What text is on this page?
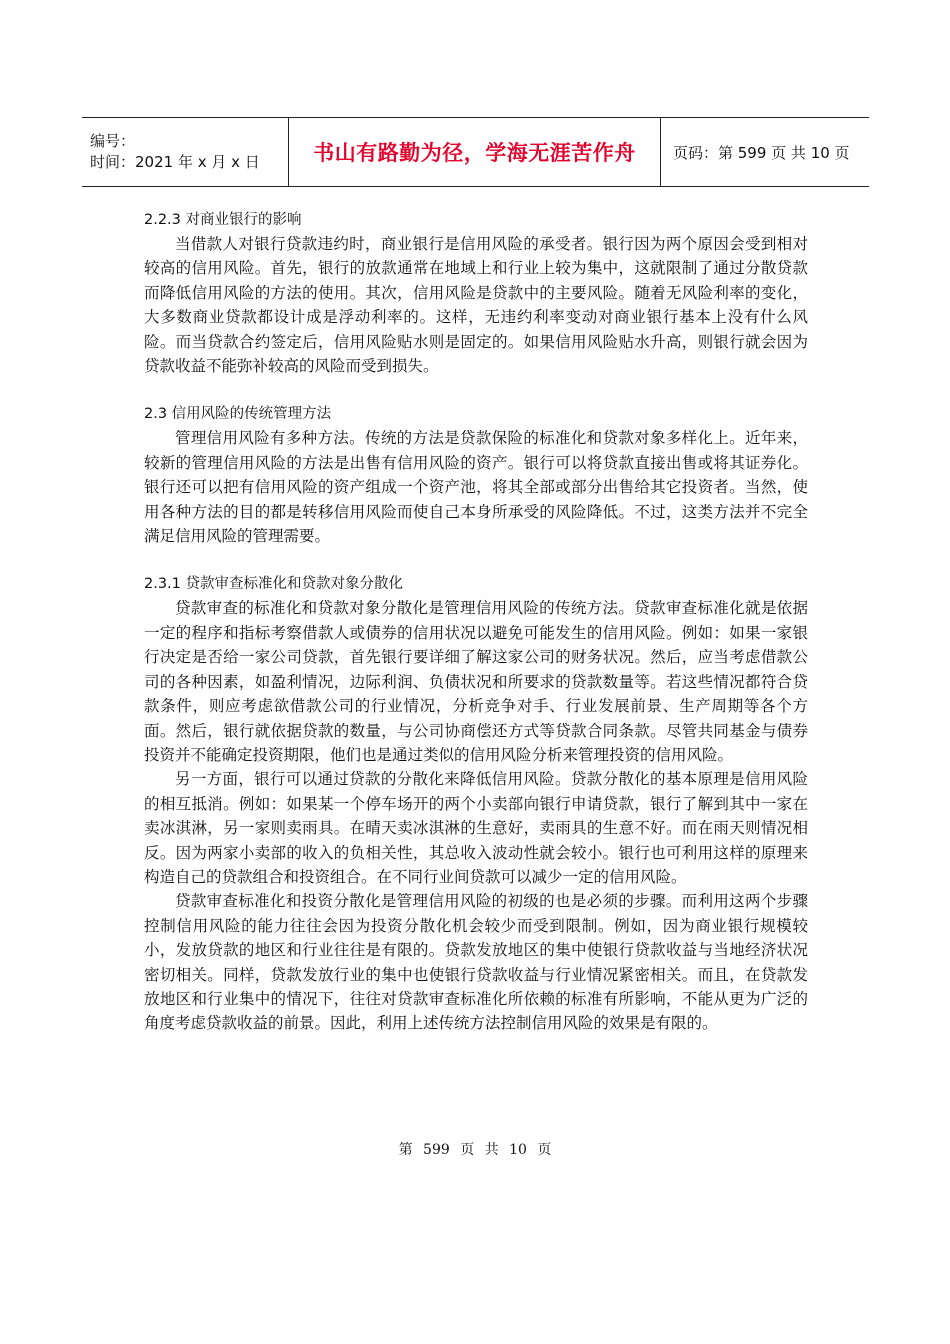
编号：
时间：2021 年 x 月 x 日	书山有路勤为径，学海无涯苦作舟 页码：第 599 页 共 10 页

2.2.3 对商业银行的影响

当借款人对银行贷款违约时，商业银行是信用风险的承受者。银行因为两个原因会受到相对较高的信用风险。首先，银行的放款通常在地域上和行业上较为集中，这就限制了通过分散贷款而降低信用风险的方法的使用。其次，信用风险是贷款中的主要风险。随着无风险利率的变化，大多数商业贷款都设计成是浮动利率的。这样，无违约利率变动对商业银行基本上没有什么风险。而当贷款合约签定后，信用风险贴水则是固定的。如果信用风险贴水升高，则银行就会因为贷款收益不能弥补较高的风险而受到损失。

2.3 信用风险的传统管理方法

管理信用风险有多种方法。传统的方法是贷款保险的标准化和贷款对象多样化上。近年来，较新的管理信用风险的方法是出售有信用风险的资产。银行可以将贷款直接出售或将其证券化。银行还可以把有信用风险的资产组成一个资产池，将其全部或部分出售给其它投资者。当然，使用各种方法的目的都是转移信用风险而使自己本身所承受的风险降低。不过，这类方法并不完全满足信用风险的管理需要。

2.3.1 贷款审查标准化和贷款对象分散化

贷款审查的标准化和贷款对象分散化是管理信用风险的传统方法。贷款审查标准化就是依据一定的程序和指标考察借款人或债券的信用状况以避免可能发生的信用风险。例如：如果一家银行决定是否给一家公司贷款，首先银行要详细了解这家公司的财务状况。然后，应当考虑借款公司的各种因素，如盈利情况，边际利润、负债状况和所要求的贷款数量等。若这些情况都符合贷款条件，则应考虑欲借款公司的行业情况，分析竞争对手、行业发展前景、生产周期等各个方面。然后，银行就依据贷款的数量，与公司协商偿还方式等贷款合同条款。尽管共同基金与债券投资并不能确定投资期限，他们也是通过类似的信用风险分析来管理投资的信用风险。

另一方面，银行可以通过贷款的分散化来降低信用风险。贷款分散化的基本原理是信用风险的相互抵消。例如：如果某一个停车场开的两个小卖部向银行申请贷款，银行了解到其中一家在卖冰淇淋，另一家则卖雨具。在晴天卖冰淇淋的生意好，卖雨具的生意不好。而在雨天则情况相反。因为两家小卖部的收入的负相关性，其总收入波动性就会较小。银行也可利用这样的原理来构造自己的贷款组合和投资组合。在不同行业间贷款可以减少一定的信用风险。

贷款审查标准化和投资分散化是管理信用风险的初级的也是必须的步骤。而利用这两个步骤控制信用风险的能力往往会因为投资分散化机会较少而受到限制。例如，因为商业银行规模较小，发放贷款的地区和行业往往是有限的。贷款发放地区的集中使银行贷款收益与当地经济状况密切相关。同样，贷款发放行业的集中也使银行贷款收益与行业情况紧密相关。而且，在贷款发放地区和行业集中的情况下，往往对贷款审查标准化所依赖的标准有所影响，不能从更为广泛的角度考虑贷款收益的前景。因此，利用上述传统方法控制信用风险的效果是有限的。

第 599 页 共 10 页
